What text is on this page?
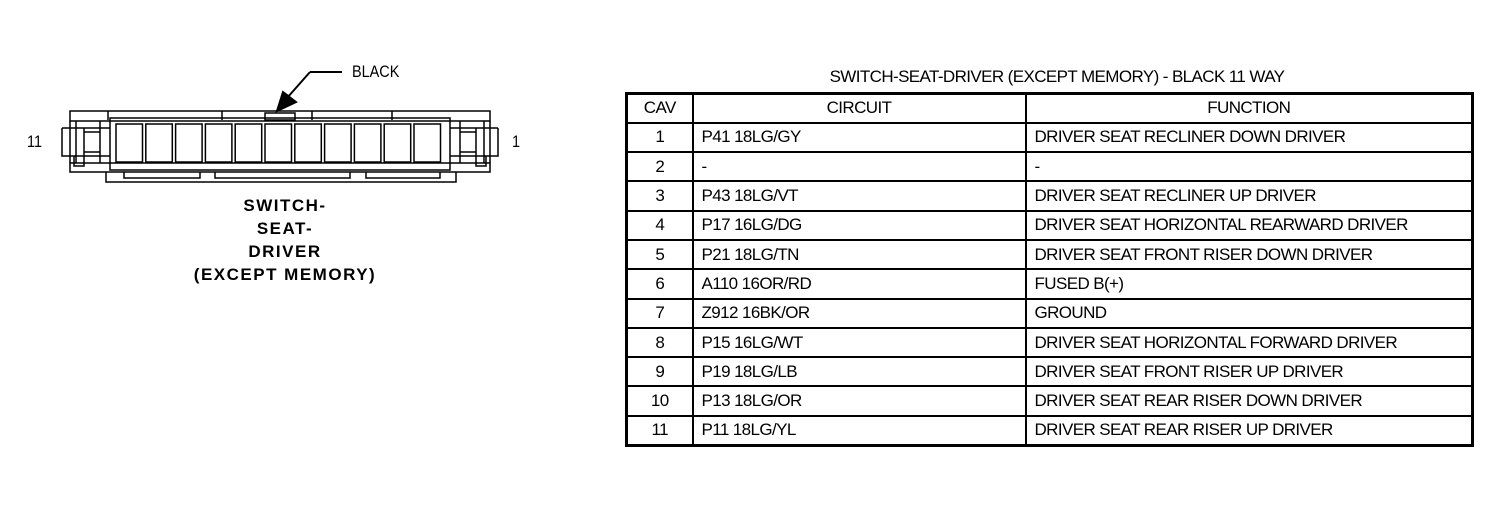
11	1
BLACK
SWITCH-
SEAT-
DRIVER
(EXCEPT MEMORY)
SWITCH-SEAT-DRIVER (EXCEPT MEMORY) - BLACK 11 WAY
CAV	CIRCUIT	FUNCTION
1	P41 18LG/GY	DRIVER SEAT RECLINER DOWN DRIVER
2	-	-
3	P43 18LG/VT	DRIVER SEAT RECLINER UP DRIVER
4	P17 16LG/DG	DRIVER SEAT HORIZONTAL REARWARD DRIVER
5	P21 18LG/TN	DRIVER SEAT FRONT RISER DOWN DRIVER
6	A110 16OR/RD	FUSED B(+)
7	Z912 16BK/OR	GROUND
8	P15 16LG/WT	DRIVER SEAT HORIZONTAL FORWARD DRIVER
9	P19 18LG/LB	DRIVER SEAT FRONT RISER UP DRIVER
10	P13 18LG/OR	DRIVER SEAT REAR RISER DOWN DRIVER
11	P11 18LG/YL	DRIVER SEAT REAR RISER UP DRIVER
